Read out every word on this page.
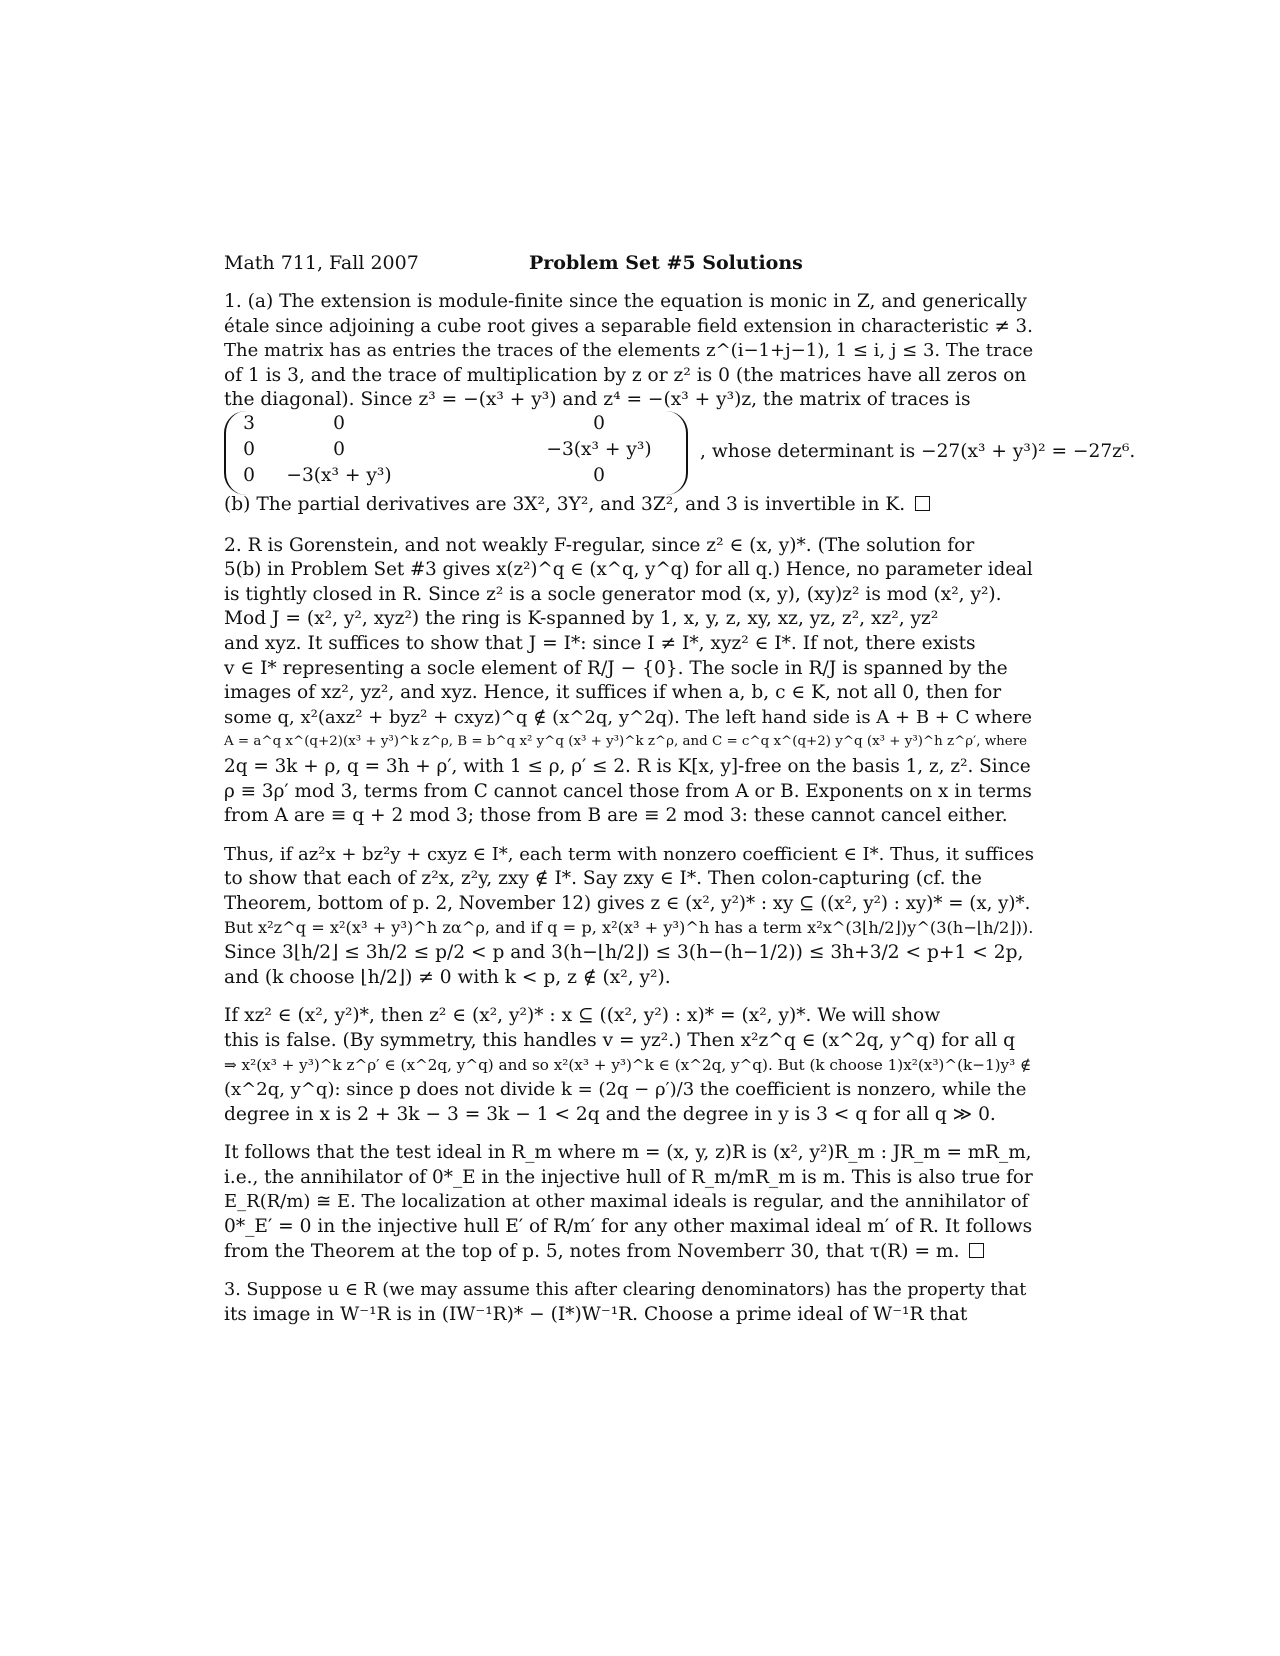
Math 711, Fall 2007	Problem Set #5 Solutions

1. (a) The extension is module-finite since the equation is monic in Z, and generically
étale since adjoining a cube root gives a separable field extension in characteristic ≠ 3.
The matrix has as entries the traces of the elements z^(i−1+j−1), 1 ≤ i, j ≤ 3. The trace
of 1 is 3, and the trace of multiplication by z or z² is 0 (the matrices have all zeros on
the diagonal). Since z³ = −(x³ + y³) and z⁴ = −(x³ + y³)z, the matrix of traces is

3	0	0
0	0	−3(x³ + y³)
0	−3(x³ + y³)	0
, whose determinant is −27(x³ + y³)² = −27z⁶.

(b) The partial derivatives are 3X², 3Y², and 3Z², and 3 is invertible in K.

2. R is Gorenstein, and not weakly F-regular, since z² ∈ (x, y)*. (The solution for
5(b) in Problem Set #3 gives x(z²)^q ∈ (x^q, y^q) for all q.) Hence, no parameter ideal
is tightly closed in R. Since z² is a socle generator mod (x, y), (xy)z² is mod (x², y²).
Mod J = (x², y², xyz²) the ring is K-spanned by 1, x, y, z, xy, xz, yz, z², xz², yz²
and xyz. It suffices to show that J = I*: since I ≠ I*, xyz² ∈ I*. If not, there exists
v ∈ I* representing a socle element of R/J − {0}. The socle in R/J is spanned by the
images of xz², yz², and xyz. Hence, it suffices if when a, b, c ∈ K, not all 0, then for
some q, x²(axz² + byz² + cxyz)^q ∉ (x^2q, y^2q). The left hand side is A + B + C where
A = a^q x^(q+2)(x³ + y³)^k z^ρ, B = b^q x² y^q (x³ + y³)^k z^ρ, and C = c^q x^(q+2) y^q (x³ + y³)^h z^ρ′, where
2q = 3k + ρ, q = 3h + ρ′, with 1 ≤ ρ, ρ′ ≤ 2. R is K[x, y]-free on the basis 1, z, z². Since
ρ ≡ 3ρ′ mod 3, terms from C cannot cancel those from A or B. Exponents on x in terms
from A are ≡ q + 2 mod 3; those from B are ≡ 2 mod 3: these cannot cancel either.

Thus, if az²x + bz²y + cxyz ∈ I*, each term with nonzero coefficient ∈ I*. Thus, it suffices
to show that each of z²x, z²y, zxy ∉ I*. Say zxy ∈ I*. Then colon-capturing (cf. the
Theorem, bottom of p. 2, November 12) gives z ∈ (x², y²)* : xy ⊆ ((x², y²) : xy)* = (x, y)*.
But x²z^q = x²(x³ + y³)^h zα^ρ, and if q = p, x²(x³ + y³)^h has a term x²x^(3⌊h/2⌋)y^(3(h−⌊h/2⌋)).
Since 3⌊h/2⌋ ≤ 3h/2 ≤ p/2 < p and 3(h−⌊h/2⌋) ≤ 3(h−(h−1/2)) ≤ 3h+3/2 < p+1 < 2p,
and (k choose ⌊h/2⌋) ≠ 0 with k < p, z ∉ (x², y²).

If xz² ∈ (x², y²)*, then z² ∈ (x², y²)* : x ⊆ ((x², y²) : x)* = (x², y)*. We will show
this is false. (By symmetry, this handles v = yz².) Then x²z^q ∈ (x^2q, y^q) for all q
⇒ x²(x³ + y³)^k z^ρ′ ∈ (x^2q, y^q) and so x²(x³ + y³)^k ∈ (x^2q, y^q). But (k choose 1)x²(x³)^(k−1)y³ ∉
(x^2q, y^q): since p does not divide k = (2q − ρ′)/3 the coefficient is nonzero, while the
degree in x is 2 + 3k − 3 = 3k − 1 < 2q and the degree in y is 3 < q for all q ≫ 0.

It follows that the test ideal in R_m where m = (x, y, z)R is (x², y²)R_m : JR_m = mR_m,
i.e., the annihilator of 0*_E in the injective hull of R_m/mR_m is m. This is also true for
E_R(R/m) ≅ E. The localization at other maximal ideals is regular, and the annihilator of
0*_E′ = 0 in the injective hull E′ of R/m′ for any other maximal ideal m′ of R. It follows
from the Theorem at the top of p. 5, notes from Novemberr 30, that τ(R) = m.

3. Suppose u ∈ R (we may assume this after clearing denominators) has the property that
its image in W⁻¹R is in (IW⁻¹R)* − (I*)W⁻¹R. Choose a prime ideal of W⁻¹R that
